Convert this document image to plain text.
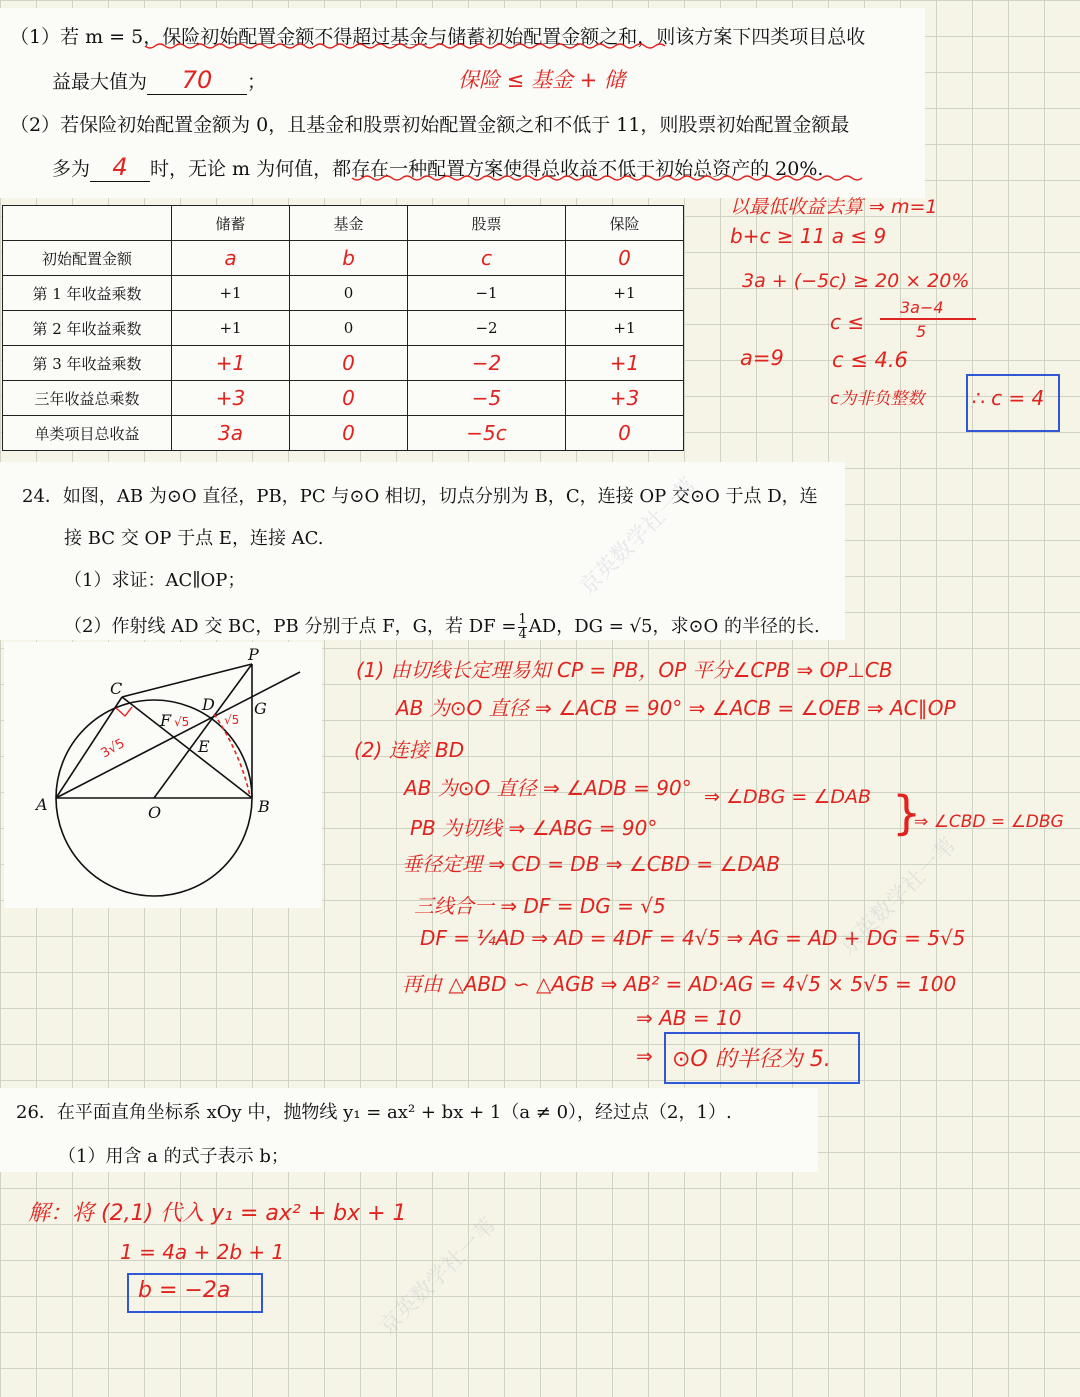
（1）若 m = 5，保险初始配置金额不得超过基金与储蓄初始配置金额之和，则该方案下四类项目总收
益最大值为 70 ；	保险 ≤ 基金 + 储
（2）若保险初始配置金额为 0，且基金和股票初始配置金额之和不低于 11，则股票初始配置金额最
多为 4 时，无论 m 为何值，都存在一种配置方案使得总收益不低于初始总资产的 20%.
	储蓄	基金	股票	保险
初始配置金额	a	b	c	0
第 1 年收益乘数	+1	0	−1	+1
第 2 年收益乘数	+1	0	−2	+1
第 3 年收益乘数	+1	0	−2	+1
三年收益总乘数	+3	0	−5	+3
单类项目总收益	3a	0	−5c	0
以最低收益去算 ⇒ m=1
b+c ≥ 11 a ≤ 9
3a + (−5c) ≥ 20 × 20%
c ≤
3a−4
5
a=9 c ≤ 4.6
c为非负整数 ∴ c = 4
24．如图，AB 为⊙O 直径，PB，PC 与⊙O 相切，切点分别为 B，C，连接 OP 交⊙O 于点 D，连
接 BC 交 OP 于点 E，连接 AC.
（1）求证：AC∥OP；
（2）作射线 AD 交 BC，PB 分别于点 F，G，若 DF = $\frac{1}{4}$ AD，DG = √5，求⊙O 的半径的长.
P
C
D
F
E
G
A	O	B
3√5
√5	√5
(1) 由切线长定理易知 CP = PB，OP 平分∠CPB ⇒ OP⊥CB
AB 为⊙O 直径 ⇒ ∠ACB = 90° ⇒ ∠ACB = ∠OEB ⇒ AC∥OP
(2) 连接 BD
AB 为⊙O 直径 ⇒ ∠ADB = 90° ⇒ ∠DBG = ∠DAB }
PB 为切线 ⇒ ∠ABG = 90°	⇒ ∠CBD = ∠DBG
垂径定理 ⇒ CD = DB ⇒ ∠CBD = ∠DAB
三线合一 ⇒ DF = DG = √5
DF = ¼AD ⇒ AD = 4DF = 4√5 ⇒ AG = AD + DG = 5√5
再由 △ABD ∽ △AGB ⇒ AB² = AD·AG = 4√5 × 5√5 = 100
⇒ AB = 10
⇒ ⊙O 的半径为 5.
26．在平面直角坐标系 xOy 中，抛物线 y₁ = ax² + bx + 1（a ≠ 0），经过点（2，1）.
（1）用含 a 的式子表示 b；
解：将 (2,1) 代入 y₁ = ax² + bx + 1
1 = 4a + 2b + 1
b = −2a
京英数学社一苇
京英数学社一苇
京英数学社一苇
